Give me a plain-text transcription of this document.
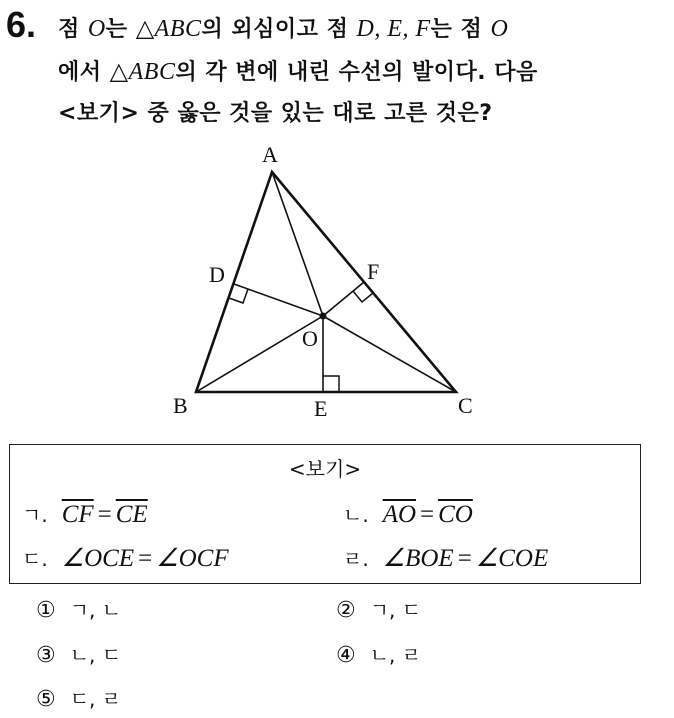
6. 점 O는 △ABC의 외심이고 점 D, E, F는 점 O
에서 △ABC의 각 변에 내린 수선의 발이다. 다음
<보기> 중 옳은 것을 있는 대로 고른 것은?
A
B	C
D
E
F
O
<보기>
ㄱ. $\overline{CF} = \overline{CE}$	ㄴ. $\overline{AO} = \overline{CO}$
ㄷ. ∠OCE = ∠OCF	ㄹ. ∠BOE = ∠COE
① ㄱ, ㄴ	② ㄱ, ㄷ
③ ㄴ, ㄷ	④ ㄴ, ㄹ
⑤ ㄷ, ㄹ
